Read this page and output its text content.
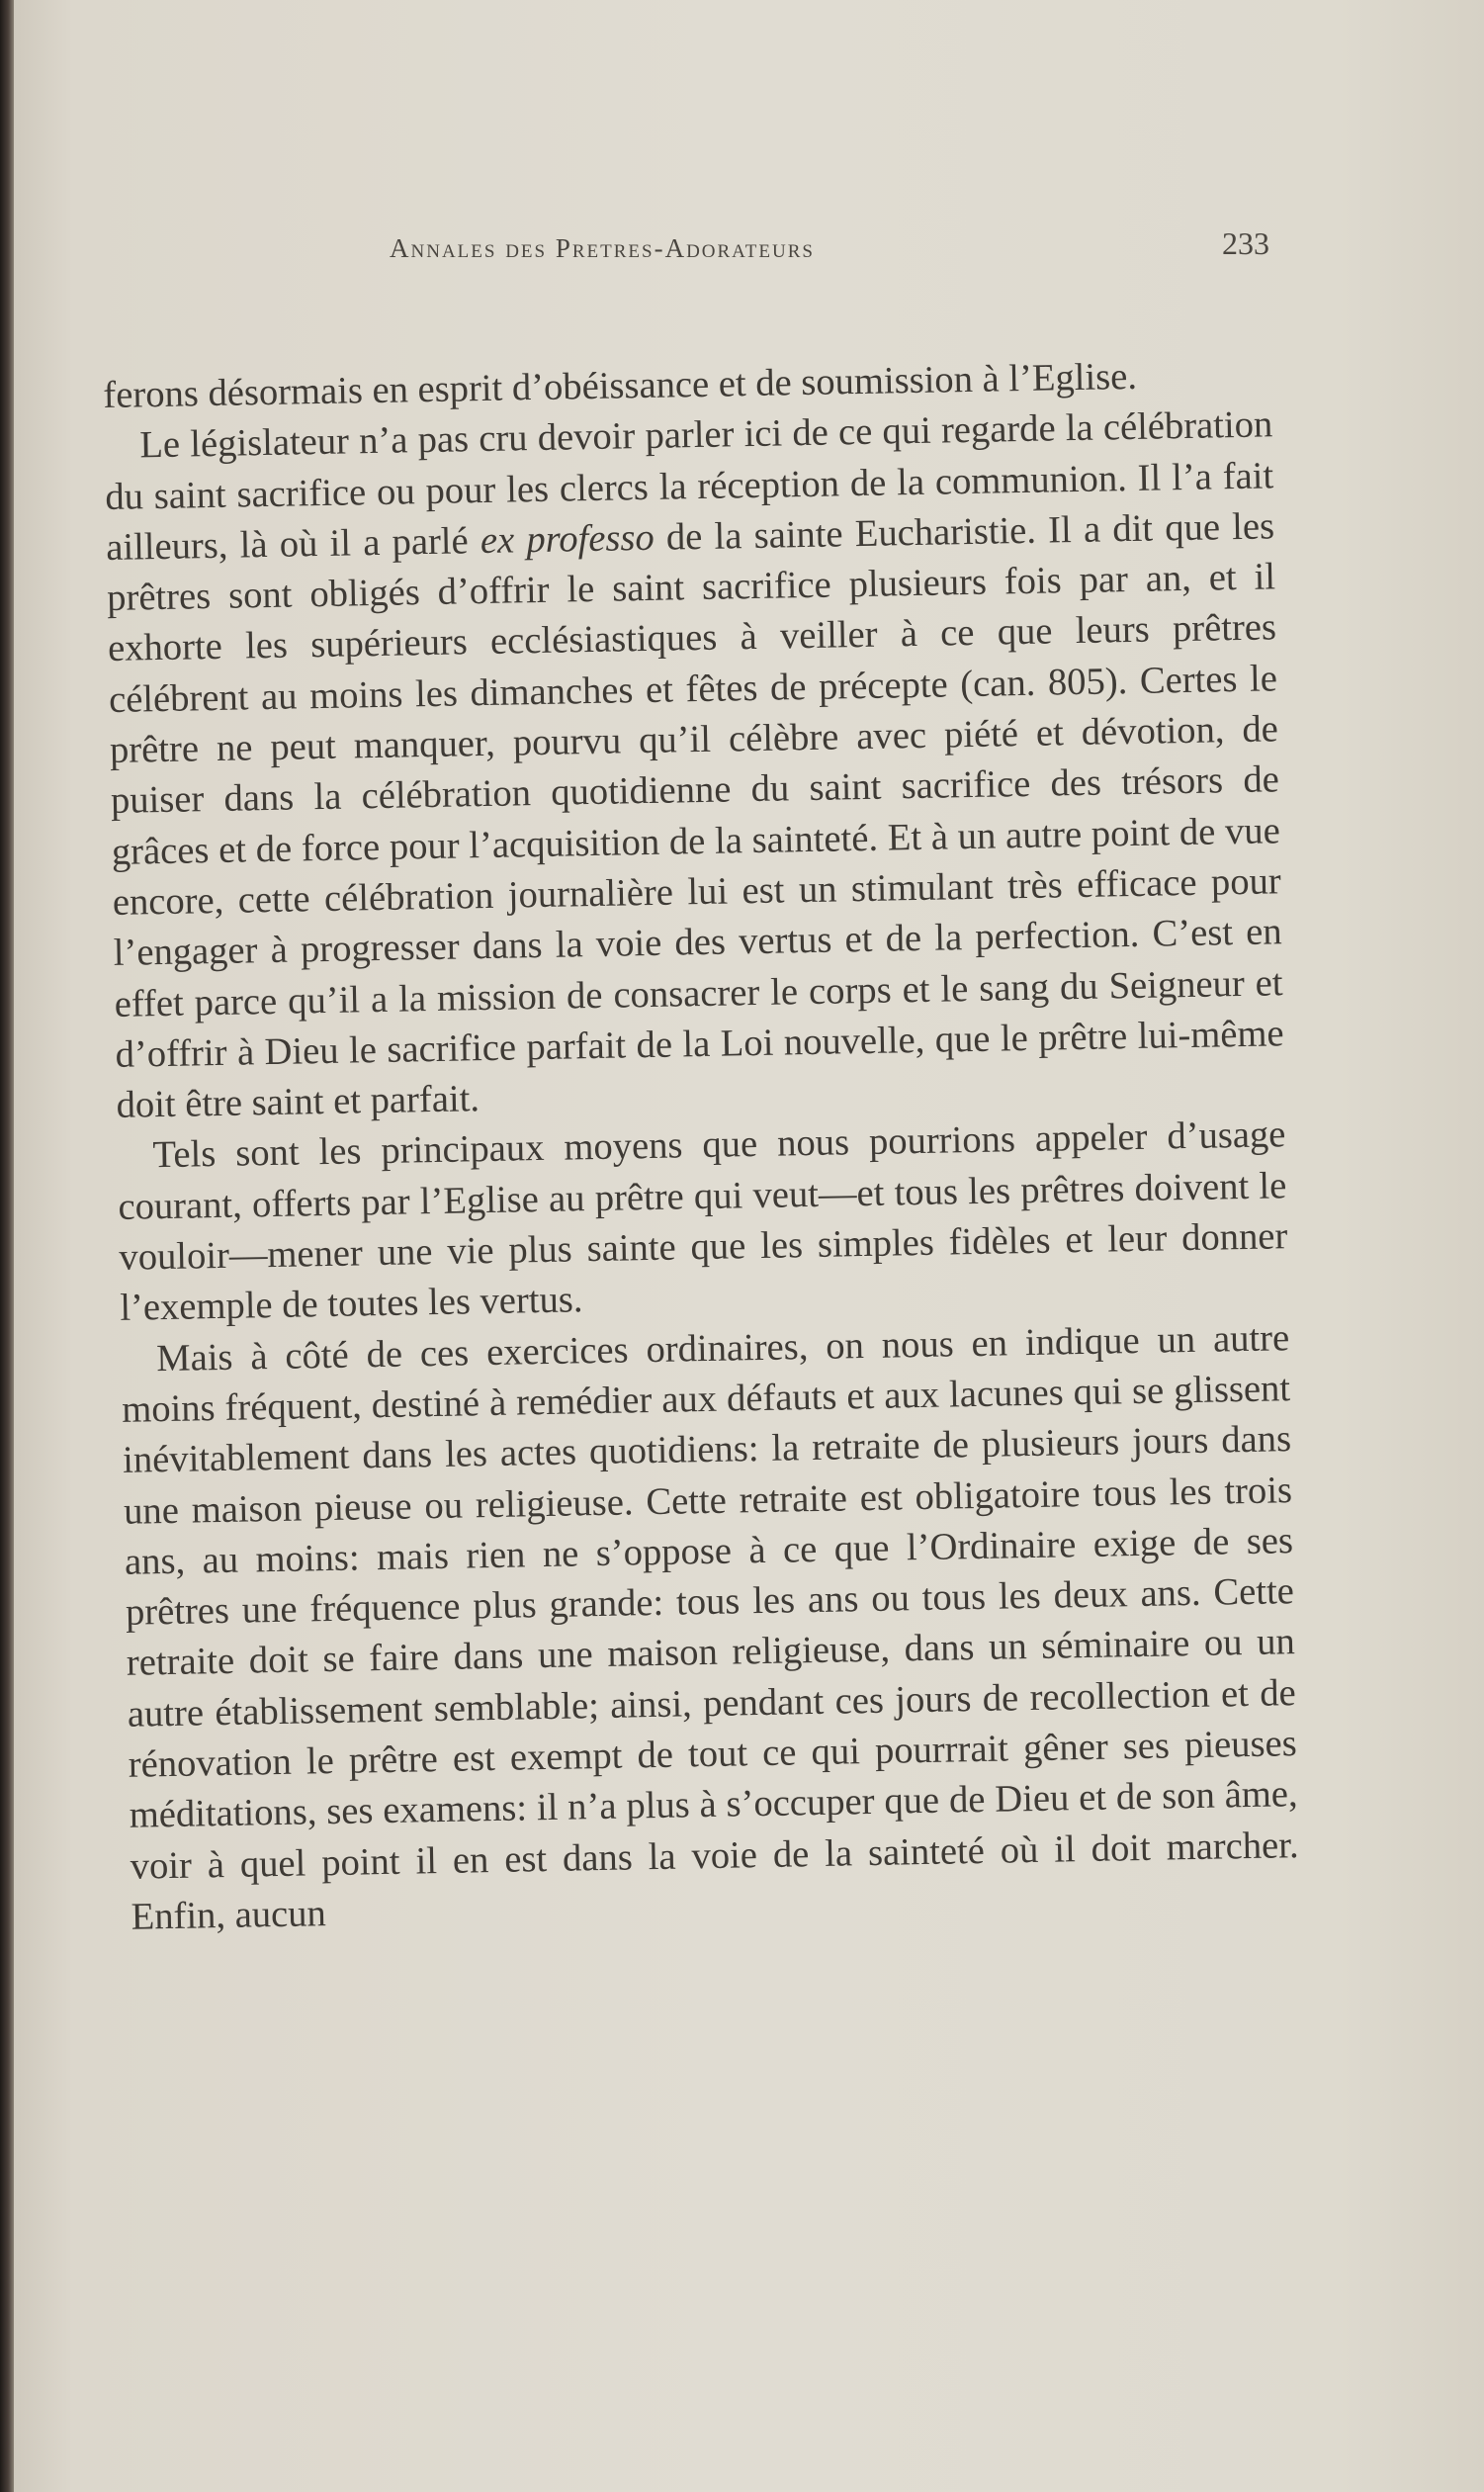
Annales des Pretres-Adorateurs	233

ferons désormais en esprit d’obéissance et de soumission à l’Eglise.

Le législateur n’a pas cru devoir parler ici de ce qui regarde la célébration du saint sacrifice ou pour les clercs la réception de la communion. Il l’a fait ailleurs, là où il a parlé ex professo de la sainte Eucharistie. Il a dit que les prêtres sont obligés d’offrir le saint sacrifice plusieurs fois par an, et il exhorte les supérieurs ecclésiastiques à veiller à ce que leurs prêtres célébrent au moins les dimanches et fêtes de précepte (can. 805). Certes le prêtre ne peut manquer, pourvu qu’il célèbre avec piété et dévotion, de puiser dans la célébration quotidienne du saint sacrifice des trésors de grâces et de force pour l’acquisition de la sainteté. Et à un autre point de vue encore, cette célébration journalière lui est un stimulant très efficace pour l’engager à progresser dans la voie des vertus et de la perfection. C’est en effet parce qu’il a la mission de consacrer le corps et le sang du Seigneur et d’offrir à Dieu le sacrifice parfait de la Loi nouvelle, que le prêtre lui-même doit être saint et parfait.

Tels sont les principaux moyens que nous pourrions appeler d’usage courant, offerts par l’Eglise au prêtre qui veut—et tous les prêtres doivent le vouloir—mener une vie plus sainte que les simples fidèles et leur donner l’exemple de toutes les vertus.

Mais à côté de ces exercices ordinaires, on nous en indique un autre moins fréquent, destiné à remédier aux défauts et aux lacunes qui se glissent inévitablement dans les actes quotidiens: la retraite de plusieurs jours dans une maison pieuse ou religieuse. Cette retraite est obligatoire tous les trois ans, au moins: mais rien ne s’oppose à ce que l’Ordinaire exige de ses prêtres une fréquence plus grande: tous les ans ou tous les deux ans. Cette retraite doit se faire dans une maison religieuse, dans un séminaire ou un autre établissement semblable; ainsi, pendant ces jours de recollection et de rénovation le prêtre est exempt de tout ce qui pourrrait gêner ses pieuses méditations, ses examens: il n’a plus à s’occuper que de Dieu et de son âme, voir à quel point il en est dans la voie de la sainteté où il doit marcher. Enfin, aucun
